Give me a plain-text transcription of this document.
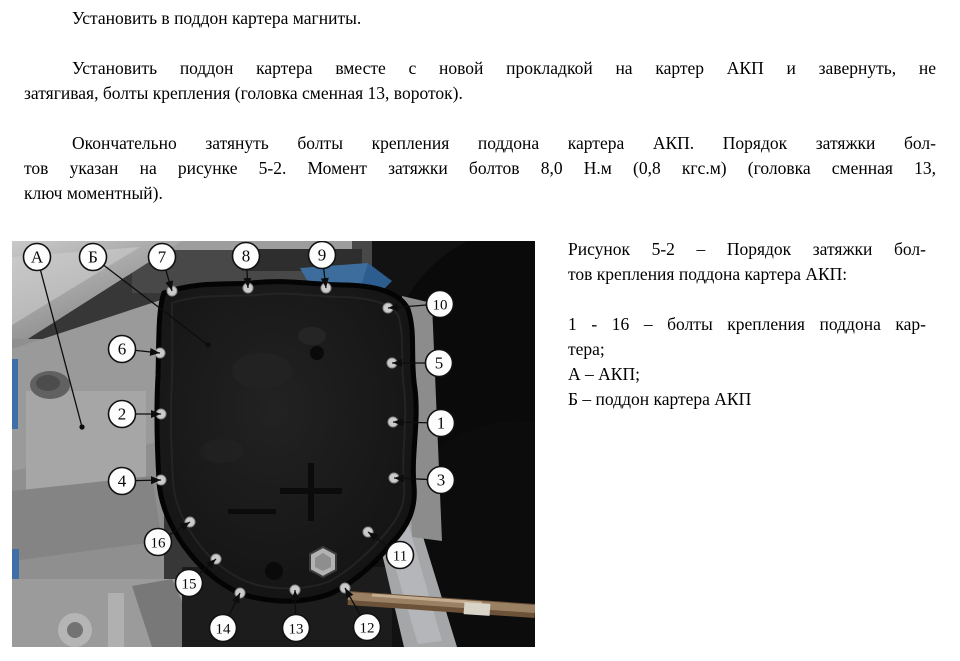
Установить в поддон картера магниты.
Установить поддон картера вместе с новой прокладкой на картер АКП и завернуть, не
затягивая, болты крепления (головка сменная 13, вороток).
Окончательно затянуть болты крепления поддона картера АКП. Порядок затяжки бол-
тов указан на рисунке 5-2. Момент затяжки болтов 8,0 Н.м (0,8 кгс.м) (головка сменная 13,
ключ моментный).
А	Б	7	8	9
10
6
5
2	1
4	3
16
11
15
14	13	12
Рисунок 5-2 – Порядок затяжки бол-
тов крепления поддона картера АКП:
1 - 16 – болты крепления поддона кар-
тера;
А – АКП;
Б – поддон картера АКП
